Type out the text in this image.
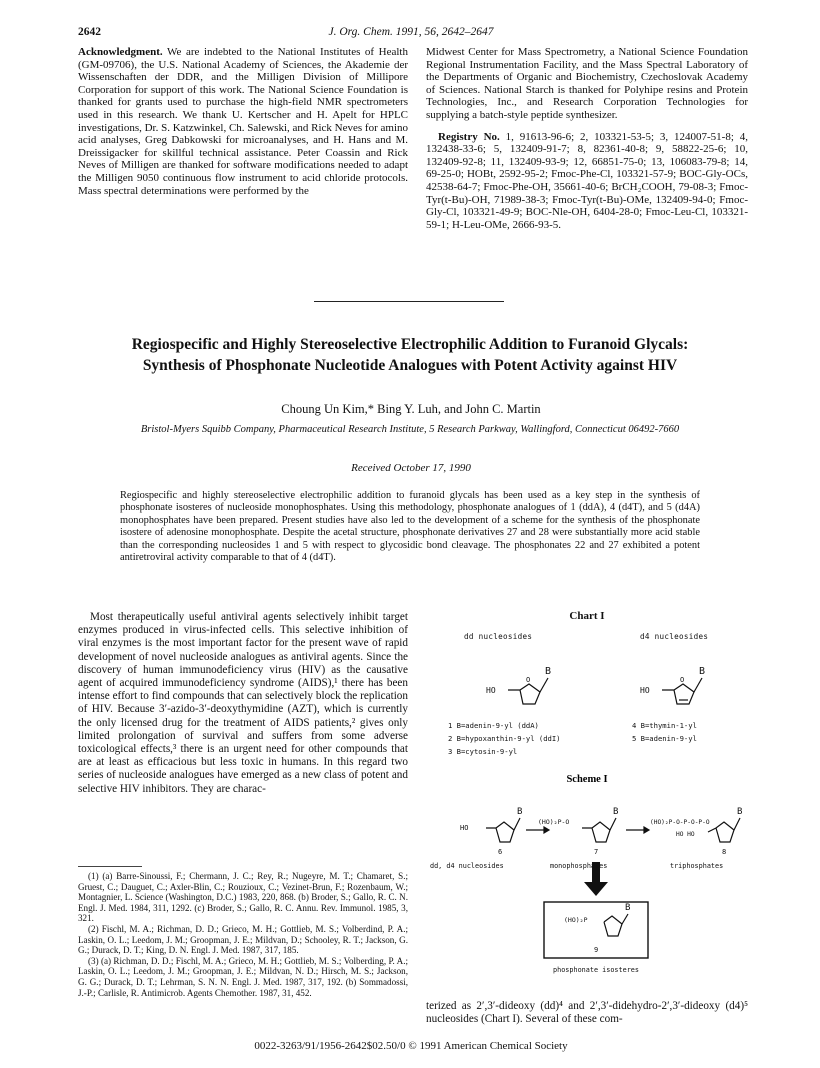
2642	J. Org. Chem. 1991, 56, 2642–2647
Acknowledgment. We are indebted to the National Institutes of Health (GM-09706), the U.S. National Academy of Sciences, the Akademie der Wissenschaften der DDR, and the Milligen Division of Millipore Corporation for support of this work. The National Science Foundation is thanked for grants used to purchase the high-field NMR spectrometers used in this research. We thank U. Kertscher and H. Apelt for HPLC investigations, Dr. S. Katzwinkel, Ch. Salewski, and Rick Neves for amino acid analyses, Greg Dabkowski for microanalyses, and H. Hans and M. Dreissigacker for skillful technical assistance. Peter Coassin and Rick Neves of Milligen are thanked for software modifications needed to adapt the Milligen 9050 continuous flow instrument to acid chloride protocols. Mass spectral determinations were performed by the
Midwest Center for Mass Spectrometry, a National Science Foundation Regional Instrumentation Facility, and the Mass Spectral Laboratory of the Departments of Organic and Biochemistry, Czechoslovak Academy of Sciences. National Starch is thanked for Polyhipe resins and Protein Technologies, Inc., and Research Corporation Technologies for supplying a batch-style peptide synthesizer.
Registry No. 1, 91613-96-6; 2, 103321-53-5; 3, 124007-51-8; 4, 132438-33-6; 5, 132409-91-7; 8, 82361-40-8; 9, 58822-25-6; 10, 132409-92-8; 11, 132409-93-9; 12, 66851-75-0; 13, 106083-79-8; 14, 69-25-0; HOBt, 2592-95-2; Fmoc-Phe-Cl, 103321-57-9; BOC-Gly-OCs, 42538-64-7; Fmoc-Phe-OH, 35661-40-6; BrCH₂COOH, 79-08-3; Fmoc-Tyr(t-Bu)-OH, 71989-38-3; Fmoc-Tyr(t-Bu)-OMe, 132409-94-0; Fmoc-Gly-Cl, 103321-49-9; BOC-Nle-OH, 6404-28-0; Fmoc-Leu-Cl, 103321-59-1; H-Leu-OMe, 2666-93-5.
Regiospecific and Highly Stereoselective Electrophilic Addition to Furanoid Glycals: Synthesis of Phosphonate Nucleotide Analogues with Potent Activity against HIV
Choung Un Kim,* Bing Y. Luh, and John C. Martin
Bristol-Myers Squibb Company, Pharmaceutical Research Institute, 5 Research Parkway, Wallingford, Connecticut 06492-7660
Received October 17, 1990
Regiospecific and highly stereoselective electrophilic addition to furanoid glycals has been used as a key step in the synthesis of phosphonate isosteres of nucleoside monophosphates. Using this methodology, phosphonate analogues of 1 (ddA), 4 (d4T), and 5 (d4A) monophosphates have been prepared. Present studies have also led to the development of a scheme for the synthesis of the phosphonate isostere of adenosine monophosphate. Despite the acetal structure, phosphonate derivatives 27 and 28 were substantially more acid stable than the corresponding nucleosides 1 and 5 with respect to glycosidic bond cleavage. The phosphonates 22 and 27 exhibited a potent antiretroviral activity comparable to that of 4 (d4T).
Most therapeutically useful antiviral agents selectively inhibit target enzymes produced in virus-infected cells. This selective inhibition of viral enzymes is the most important factor for the present wave of rapid development of novel nucleoside analogues as antiviral agents. Since the discovery of human immunodeficiency virus (HIV) as the causative agent of acquired immunodeficiency syndrome (AIDS),¹ there has been intense effort to find compounds that can selectively block the replication of HIV. Because 3′-azido-3′-deoxythymidine (AZT), which is currently the only licensed drug for the treatment of AIDS patients,² gives only limited prolongation of survival and suffers from some adverse toxicological effects,³ there is an urgent need for other compounds that are at least as efficacious but less toxic in humans. In this regard two series of nucleoside analogues have emerged as a new class of potent and selective HIV inhibitors. They are charac-

(1) (a) Barre-Sinoussi, F.; Chermann, J. C.; Rey, R.; Nugeyre, M. T.; Chamaret, S.; Gruest, C.; Dauguet, C.; Axler-Blin, C.; Rouzioux, C.; Vezinet-Brun, F.; Rozenbaum, W.; Montagnier, L. Science (Washington, D.C.) 1983, 220, 868. (b) Broder, S.; Gallo, R. C. N. Engl. J. Med. 1984, 311, 1292. (c) Broder, S.; Gallo, R. C. Annu. Rev. Immunol. 1985, 3, 321.

(2) Fischl, M. A.; Richman, D. D.; Grieco, M. H.; Gottlieb, M. S.; Volberdind, P. A.; Laskin, O. L.; Leedom, J. M.; Groopman, J. E.; Mildvan, D.; Schooley, R. T.; Jackson, G. G.; Durack, D. T.; King, D. N. Engl. J. Med. 1987, 317, 185.

(3) (a) Richman, D. D.; Fischl, M. A.; Grieco, M. H.; Gottlieb, M. S.; Volberding, P. A.; Laskin, O. L.; Leedom, J. M.; Groopman, J. E.; Mildvan, N. D.; Hirsch, M. S.; Jackson, G. G.; Durack, D. T.; Lehrman, S. N. N. Engl. J. Med. 1987, 317, 192. (b) Sommadossi, J.-P.; Carlisle, R. Antimicrob. Agents Chemother. 1987, 31, 452.

Chart I
dd nucleosides	d4 nucleosides
HO
B
O
HO
B
O
1 B=adenin-9-yl (ddA)
2 B=hypoxanthin-9-yl (ddI)
3 B=cytosin-9-yl
4 B=thymin-1-yl
5 B=adenin-9-yl
Scheme I
HO
B
6
(HO)₂P-O
B
7
(HO)₂P-O-P-O-P-O
HO HO
B
8
(HO)₂P
B
9
dd, d4 nucleosides	monophosphates	triphosphates
phosphonate isosteres
terized as 2′,3′-dideoxy (dd)⁴ and 2′,3′-didehydro-2′,3′-dideoxy (d4)⁵ nucleosides (Chart I). Several of these com-
0022-3263/91/1956-2642$02.50/0 © 1991 American Chemical Society
